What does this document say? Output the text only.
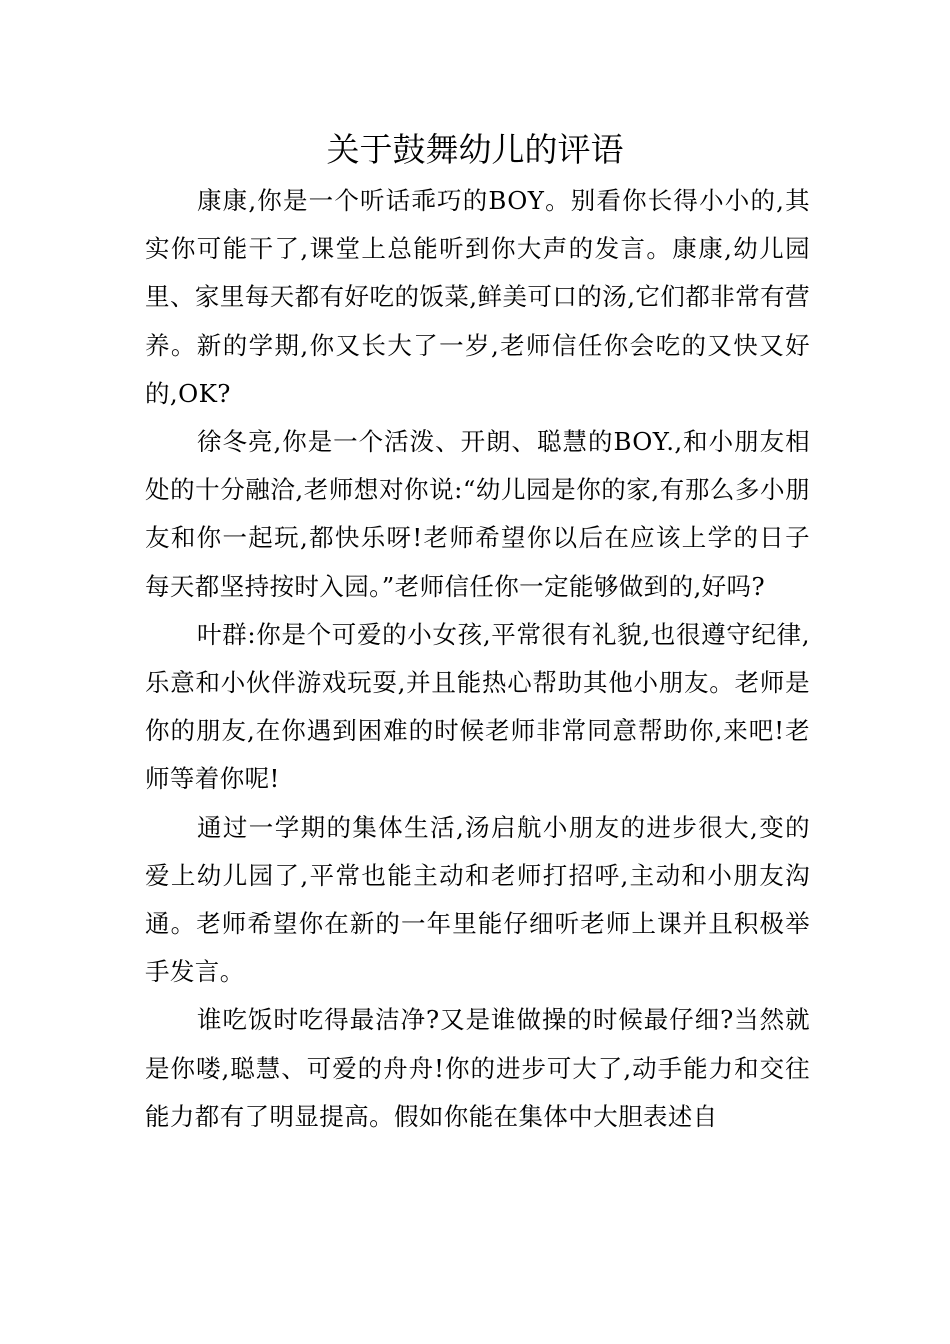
关于鼓舞幼儿的评语

康康,你是一个听话乖巧的BOY。别看你长得小小的,其实你可能干了,课堂上总能听到你大声的发言。康康,幼儿园里、家里每天都有好吃的饭菜,鲜美可口的汤,它们都非常有营养。新的学期,你又长大了一岁,老师信任你会吃的又快又好的,OK?

徐冬亮,你是一个活泼、开朗、聪慧的BOY.,和小朋友相处的十分融洽,老师想对你说:“幼儿园是你的家,有那么多小朋友和你一起玩,都快乐呀!老师希望你以后在应该上学的日子每天都坚持按时入园。”老师信任你一定能够做到的,好吗?

叶群:你是个可爱的小女孩,平常很有礼貌,也很遵守纪律,乐意和小伙伴游戏玩耍,并且能热心帮助其他小朋友。老师是你的朋友,在你遇到困难的时候老师非常同意帮助你,来吧!老师等着你呢!

通过一学期的集体生活,汤启航小朋友的进步很大,变的爱上幼儿园了,平常也能主动和老师打招呼,主动和小朋友沟通。老师希望你在新的一年里能仔细听老师上课并且积极举手发言。

谁吃饭时吃得最洁净?又是谁做操的时候最仔细?当然就是你喽,聪慧、可爱的舟舟!你的进步可大了,动手能力和交往能力都有了明显提高。假如你能在集体中大胆表述自
